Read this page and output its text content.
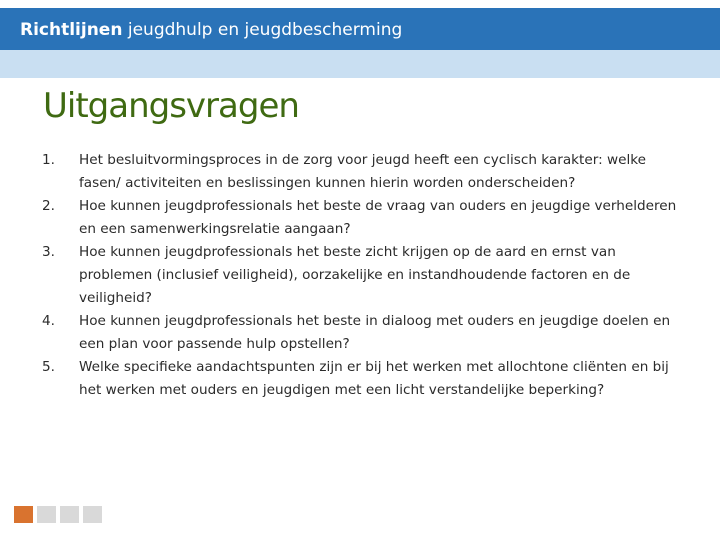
Richtlijnen jeugdhulp en jeugdbescherming
Uitgangsvragen
1. Het besluitvormingsproces in de zorg voor jeugd heeft een cyclisch karakter: welke fasen/ activiteiten en beslissingen kunnen hierin worden onderscheiden?
2. Hoe kunnen jeugdprofessionals het beste de vraag van ouders en jeugdige verhelderen en een samenwerkingsrelatie aangaan?
3. Hoe kunnen jeugdprofessionals het beste zicht krijgen op de aard en ernst van problemen (inclusief veiligheid), oorzakelijke en instandhoudende factoren en de veiligheid?
4. Hoe kunnen jeugdprofessionals het beste in dialoog met ouders en jeugdige doelen en een plan voor passende hulp opstellen?
5. Welke specifieke aandachtspunten zijn er bij het werken met allochtone cliënten en bij het werken met ouders en jeugdigen met een licht verstandelijke beperking?
